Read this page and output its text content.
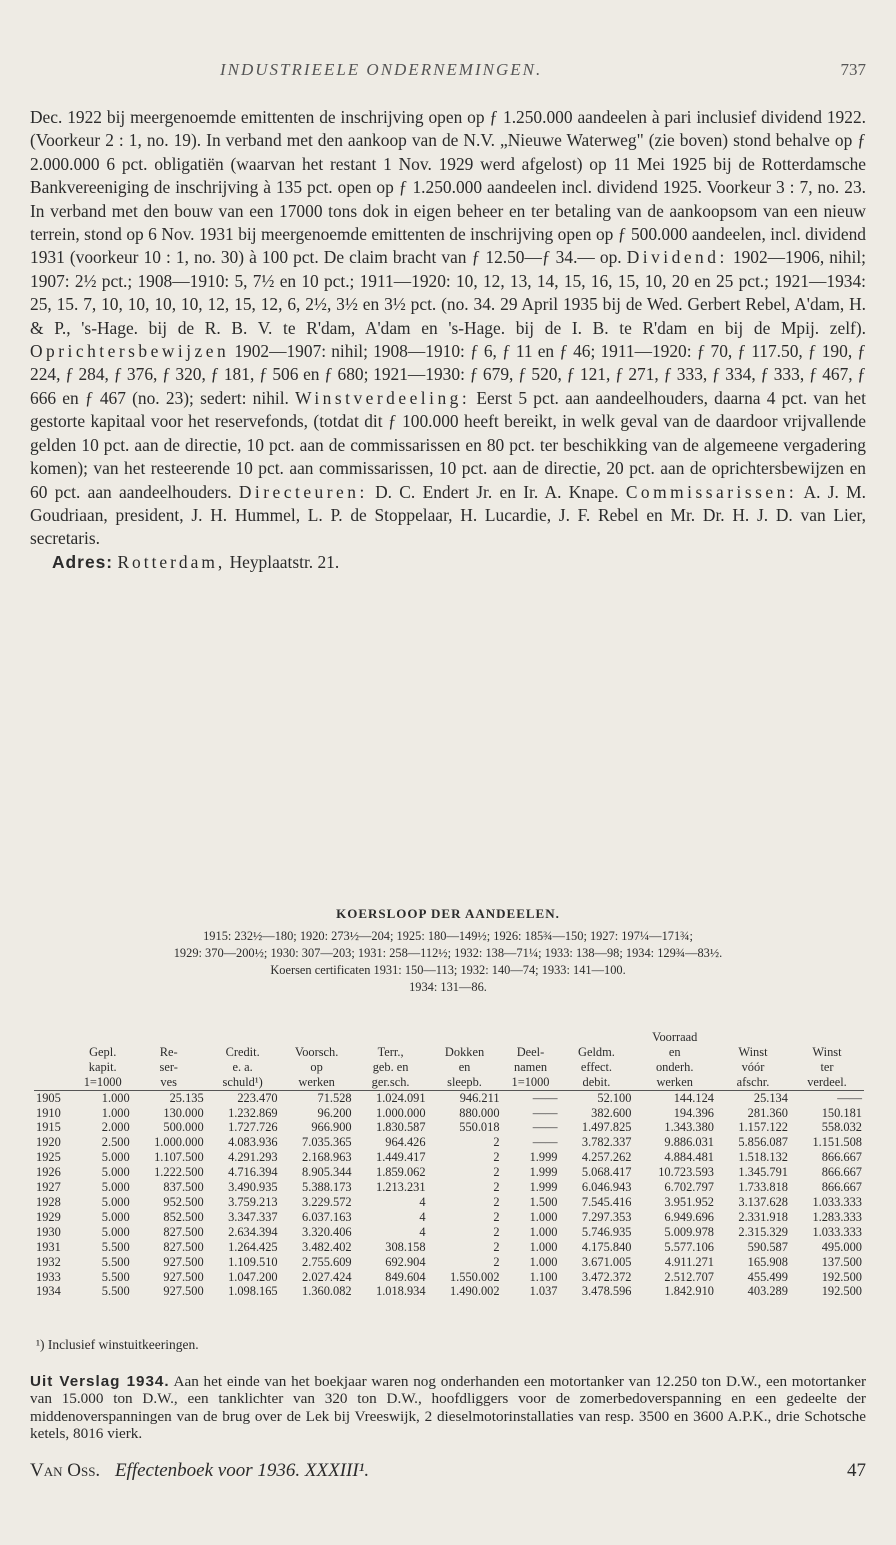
INDUSTRIEELE ONDERNEMINGEN.	737

Dec. 1922 bij meergenoemde emittenten de inschrijving open op ƒ 1.250.000 aandeelen à pari inclusief dividend 1922. (Voorkeur 2 : 1, no. 19). In verband met den aankoop van de N.V. „Nieuwe Waterweg" (zie boven) stond behalve op ƒ 2.000.000 6 pct. obligatiën (waarvan het restant 1 Nov. 1929 werd afgelost) op 11 Mei 1925 bij de Rotterdamsche Bankvereeniging de inschrijving à 135 pct. open op ƒ 1.250.000 aandeelen incl. dividend 1925. Voorkeur 3 : 7, no. 23. In verband met den bouw van een 17000 tons dok in eigen beheer en ter betaling van de aankoopsom van een nieuw terrein, stond op 6 Nov. 1931 bij meergenoemde emittenten de inschrijving open op ƒ 500.000 aandeelen, incl. dividend 1931 (voorkeur 10 : 1, no. 30) à 100 pct. De claim bracht van ƒ 12.50—ƒ 34.— op. Dividend: 1902—1906, nihil; 1907: 2½ pct.; 1908—1910: 5, 7½ en 10 pct.; 1911—1920: 10, 12, 13, 14, 15, 16, 15, 10, 20 en 25 pct.; 1921—1934: 25, 15. 7, 10, 10, 10, 10, 12, 15, 12, 6, 2½, 3½ en 3½ pct. (no. 34. 29 April 1935 bij de Wed. Gerbert Rebel, A'dam, H. & P., 's-Hage. bij de R. B. V. te R'dam, A'dam en 's-Hage. bij de I. B. te R'dam en bij de Mpij. zelf). Oprichtersbewijzen 1902—1907: nihil; 1908—1910: ƒ 6, ƒ 11 en ƒ 46; 1911—1920: ƒ 70, ƒ 117.50, ƒ 190, ƒ 224, ƒ 284, ƒ 376, ƒ 320, ƒ 181, ƒ 506 en ƒ 680; 1921—1930: ƒ 679, ƒ 520, ƒ 121, ƒ 271, ƒ 333, ƒ 334, ƒ 333, ƒ 467, ƒ 666 en ƒ 467 (no. 23); sedert: nihil. Winstverdeeling: Eerst 5 pct. aan aandeelhouders, daarna 4 pct. van het gestorte kapitaal voor het reservefonds, (totdat dit ƒ 100.000 heeft bereikt, in welk geval van de daardoor vrijvallende gelden 10 pct. aan de directie, 10 pct. aan de commissarissen en 80 pct. ter beschikking van de algemeene vergadering komen); van het resteerende 10 pct. aan commissarissen, 10 pct. aan de directie, 20 pct. aan de oprichtersbewijzen en 60 pct. aan aandeelhouders. Directeuren: D. C. Endert Jr. en Ir. A. Knape. Commissarissen: A. J. M. Goudriaan, president, J. H. Hummel, L. P. de Stoppelaar, H. Lucardie, J. F. Rebel en Mr. Dr. H. J. D. van Lier, secretaris.

Adres: Rotterdam, Heyplaatstr. 21.

KOERSLOOP DER AANDEELEN.
1915: 232½—180; 1920: 273½—204; 1925: 180—149½; 1926: 185¾—150; 1927: 197¼—171¾;
1929: 370—200½; 1930: 307—203; 1931: 258—112½; 1932: 138—71¼; 1933: 138—98; 1934: 129¾—83½.
Koersen certificaten 1931: 150—113; 1932: 140—74; 1933: 141—100.
1934: 131—86.
									Voorraad		
	Gepl.	Re-	Credit.	Voorsch.	Terr.,	Dokken	Deel-	Geldm.	en	Winst	Winst
	kapit.	ser-	e. a.	op	geb. en	en	namen	effect.	onderh.	vóór	ter
	1=1000	ves	schuld¹)	werken	ger.sch.	sleepb.	1=1000	debit.	werken	afschr.	verdeel.
1905	1.000	25.135	223.470	71.528	1.024.091	946.211	——	52.100	144.124	25.134	——
1910	1.000	130.000	1.232.869	96.200	1.000.000	880.000	——	382.600	194.396	281.360	150.181
1915	2.000	500.000	1.727.726	966.900	1.830.587	550.018	——	1.497.825	1.343.380	1.157.122	558.032
1920	2.500	1.000.000	4.083.936	7.035.365	964.426	2	——	3.782.337	9.886.031	5.856.087	1.151.508
1925	5.000	1.107.500	4.291.293	2.168.963	1.449.417	2	1.999	4.257.262	4.884.481	1.518.132	866.667
1926	5.000	1.222.500	4.716.394	8.905.344	1.859.062	2	1.999	5.068.417	10.723.593	1.345.791	866.667
1927	5.000	837.500	3.490.935	5.388.173	1.213.231	2	1.999	6.046.943	6.702.797	1.733.818	866.667
1928	5.000	952.500	3.759.213	3.229.572	4	2	1.500	7.545.416	3.951.952	3.137.628	1.033.333
1929	5.000	852.500	3.347.337	6.037.163	4	2	1.000	7.297.353	6.949.696	2.331.918	1.283.333
1930	5.000	827.500	2.634.394	3.320.406	4	2	1.000	5.746.935	5.009.978	2.315.329	1.033.333
1931	5.500	827.500	1.264.425	3.482.402	308.158	2	1.000	4.175.840	5.577.106	590.587	495.000
1932	5.500	927.500	1.109.510	2.755.609	692.904	2	1.000	3.671.005	4.911.271	165.908	137.500
1933	5.500	927.500	1.047.200	2.027.424	849.604	1.550.002	1.100	3.472.372	2.512.707	455.499	192.500
1934	5.500	927.500	1.098.165	1.360.082	1.018.934	1.490.002	1.037	3.478.596	1.842.910	403.289	192.500
¹) Inclusief winstuitkeeringen.
Uit Verslag 1934. Aan het einde van het boekjaar waren nog onderhanden een motortanker van 12.250 ton D.W., een motortanker van 15.000 ton D.W., een tanklichter van 320 ton D.W., hoofdliggers voor de zomerbedoverspanning en een gedeelte der middenoverspanningen van de brug over de Lek bij Vreeswijk, 2 dieselmotorinstallaties van resp. 3500 en 3600 A.P.K., drie Schotsche ketels, 8016 vierk.
Van Oss. Effectenboek voor 1936. XXXIII¹.	47
